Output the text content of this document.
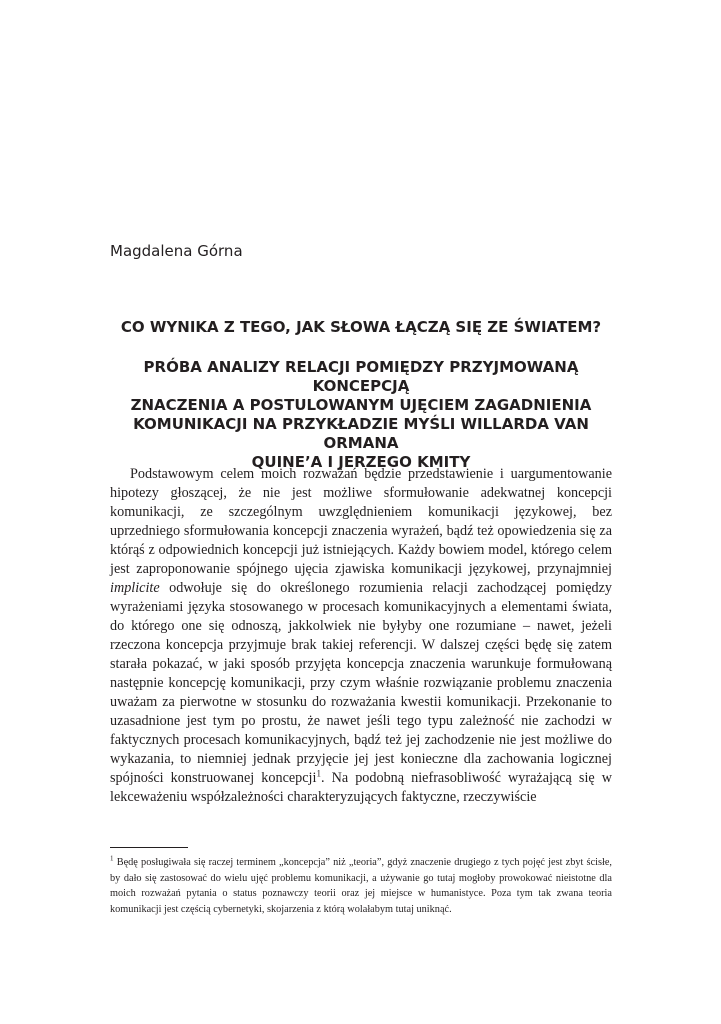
Magdalena Górna
CO WYNIKA Z TEGO, JAK SŁOWA ŁĄCZĄ SIĘ ZE ŚWIATEM?
PRÓBA ANALIZY RELACJI POMIĘDZY PRZYJMOWANĄ KONCEPCJĄ
ZNACZENIA A POSTULOWANYM UJĘCIEM ZAGADNIENIA
KOMUNIKACJI NA PRZYKŁADZIE MYŚLI WILLARDA VAN ORMANA
QUINE’A I JERZEGO KMITY

Podstawowym celem moich rozważań będzie przedstawienie i uargumentowanie hipotezy głoszącej, że nie jest możliwe sformułowanie adekwatnej koncepcji komunikacji, ze szczególnym uwzględnieniem komunikacji językowej, bez uprzedniego sformułowania koncepcji znaczenia wyrażeń, bądź też opowiedzenia się za którąś z odpowiednich koncepcji już istniejących. Każdy bowiem model, którego celem jest zaproponowanie spójnego ujęcia zjawiska komunikacji językowej, przynajmniej implicite odwołuje się do określonego rozumienia relacji zachodzącej pomiędzy wyrażeniami języka stosowanego w procesach komunikacyjnych a elementami świata, do którego one się odnoszą, jakkolwiek nie byłyby one rozumiane – nawet, jeżeli rzeczona koncepcja przyjmuje brak takiej referencji. W dalszej części będę się zatem starała pokazać, w jaki sposób przyjęta koncepcja znaczenia warunkuje formułowaną następnie koncepcję komunikacji, przy czym właśnie rozwiązanie problemu znaczenia uważam za pierwotne w stosunku do rozważania kwestii komunikacji. Przekonanie to uzasadnione jest tym po prostu, że nawet jeśli tego typu zależność nie zachodzi w faktycznych procesach komunikacyjnych, bądź też jej zachodzenie nie jest możliwe do wykazania, to niemniej jednak przyjęcie jej jest konieczne dla zachowania logicznej spójności konstruowanej koncepcji$^1$. Na podobną niefrasobliwość wyrażającą się w lekceważeniu współzależności charakteryzujących faktyczne, rzeczywiście

$^1$ Będę posługiwała się raczej terminem „koncepcja” niż „teoria”, gdyż znaczenie drugiego z tych pojęć jest zbyt ścisłe, by dało się zastosować do wielu ujęć problemu komunikacji, a używanie go tutaj mogłoby prowokować nieistotne dla moich rozważań pytania o status poznawczy teorii oraz jej miejsce w humanistyce. Poza tym tak zwana teoria komunikacji jest częścią cybernetyki, skojarzenia z którą wolałabym tutaj uniknąć.
